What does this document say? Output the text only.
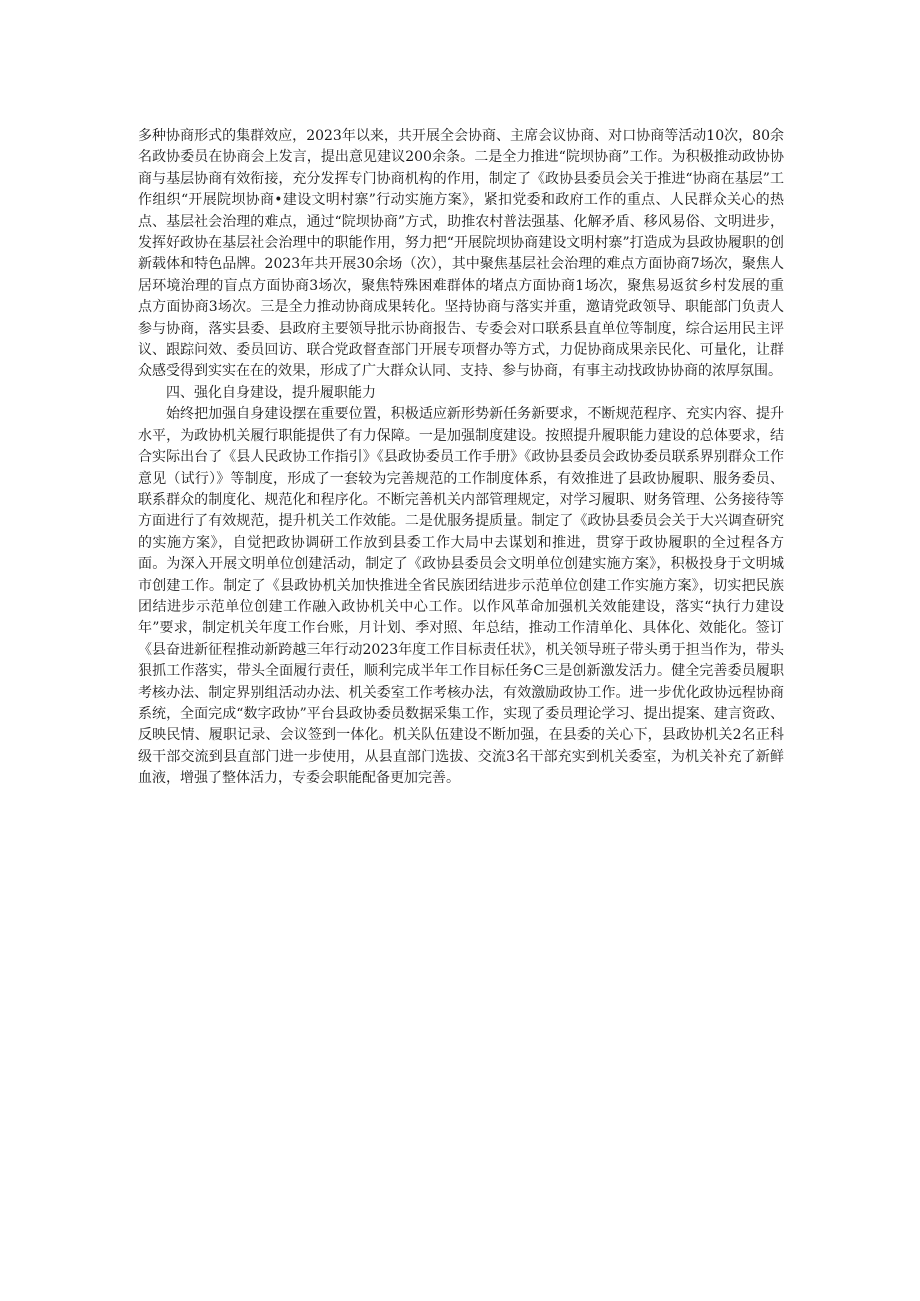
多种协商形式的集群效应，2023年以来，共开展全会协商、主席会议协商、对口协商等活动10次，80余名政协委员在协商会上发言，提出意见建议200余条。二是全力推进“院坝协商”工作。为积极推动政协协商与基层协商有效衔接，充分发挥专门协商机构的作用，制定了《政协县委员会关于推进“协商在基层”工作组织“开展院坝协商•建设文明村寨”行动实施方案》，紧扣党委和政府工作的重点、人民群众关心的热点、基层社会治理的难点，通过“院坝协商”方式，助推农村普法强基、化解矛盾、移风易俗、文明进步，发挥好政协在基层社会治理中的职能作用，努力把“开展院坝协商建设文明村寨”打造成为县政协履职的创新载体和特色品牌。2023年共开展30余场（次），其中聚焦基层社会治理的难点方面协商7场次，聚焦人居环境治理的盲点方面协商3场次，聚焦特殊困难群体的堵点方面协商1场次，聚焦易返贫乡村发展的重点方面协商3场次。三是全力推动协商成果转化。坚持协商与落实并重，邀请党政领导、职能部门负责人参与协商，落实县委、县政府主要领导批示协商报告、专委会对口联系县直单位等制度，综合运用民主评议、跟踪问效、委员回访、联合党政督查部门开展专项督办等方式，力促协商成果亲民化、可量化，让群众感受得到实实在在的效果，形成了广大群众认同、支持、参与协商，有事主动找政协协商的浓厚氛围。

四、强化自身建设，提升履职能力

始终把加强自身建设摆在重要位置，积极适应新形势新任务新要求，不断规范程序、充实内容、提升水平，为政协机关履行职能提供了有力保障。一是加强制度建设。按照提升履职能力建设的总体要求，结合实际出台了《县人民政协工作指引》《县政协委员工作手册》《政协县委员会政协委员联系界别群众工作意见（试行）》等制度，形成了一套较为完善规范的工作制度体系，有效推进了县政协履职、服务委员、联系群众的制度化、规范化和程序化。不断完善机关内部管理规定，对学习履职、财务管理、公务接待等方面进行了有效规范，提升机关工作效能。二是优服务提质量。制定了《政协县委员会关于大兴调查研究的实施方案》，自觉把政协调研工作放到县委工作大局中去谋划和推进，贯穿于政协履职的全过程各方面。为深入开展文明单位创建活动，制定了《政协县委员会文明单位创建实施方案》，积极投身于文明城市创建工作。制定了《县政协机关加快推进全省民族团结进步示范单位创建工作实施方案》，切实把民族团结进步示范单位创建工作融入政协机关中心工作。以作风革命加强机关效能建设，落实“执行力建设年”要求，制定机关年度工作台账，月计划、季对照、年总结，推动工作清单化、具体化、效能化。签订《县奋进新征程推动新跨越三年行动2023年度工作目标责任状》，机关领导班子带头勇于担当作为，带头狠抓工作落实，带头全面履行责任，顺利完成半年工作目标任务C三是创新激发活力。健全完善委员履职考核办法、制定界别组活动办法、机关委室工作考核办法，有效激励政协工作。进一步优化政协远程协商系统，全面完成“数字政协”平台县政协委员数据采集工作，实现了委员理论学习、提出提案、建言资政、反映民情、履职记录、会议签到一体化。机关队伍建设不断加强，在县委的关心下，县政协机关2名正科级干部交流到县直部门进一步使用，从县直部门选拔、交流3名干部充实到机关委室，为机关补充了新鲜血液，增强了整体活力，专委会职能配备更加完善。
